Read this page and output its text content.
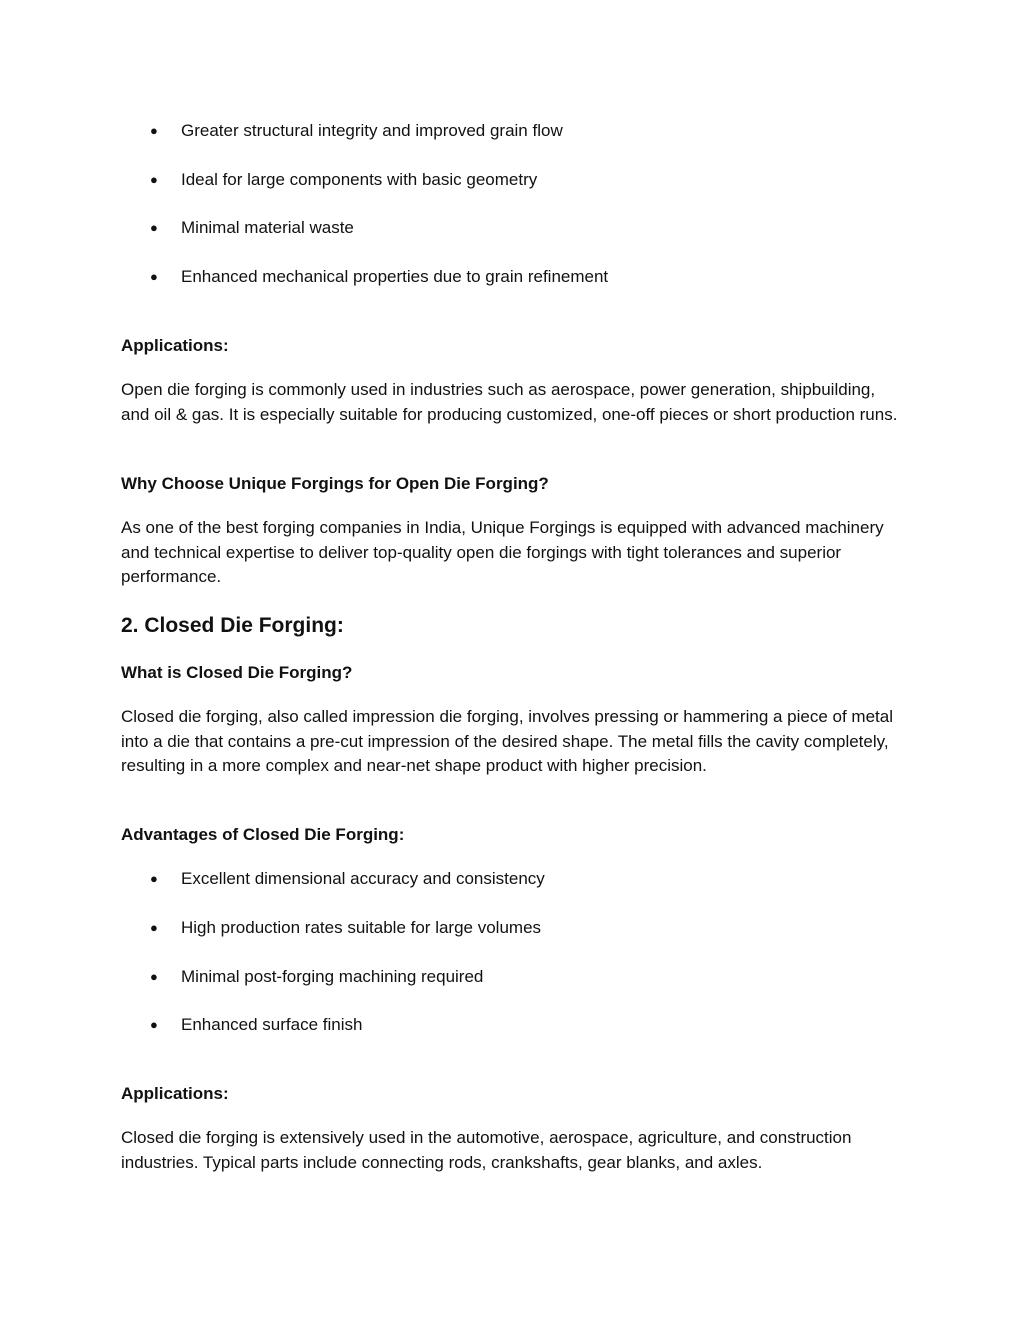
● Greater structural integrity and improved grain flow
● Ideal for large components with basic geometry
● Minimal material waste
● Enhanced mechanical properties due to grain refinement
Applications:
Open die forging is commonly used in industries such as aerospace, power generation, shipbuilding, and oil & gas. It is especially suitable for producing customized, one-off pieces or short production runs.
Why Choose Unique Forgings for Open Die Forging?
As one of the best forging companies in India, Unique Forgings is equipped with advanced machinery and technical expertise to deliver top-quality open die forgings with tight tolerances and superior performance.
2. Closed Die Forging:
What is Closed Die Forging?
Closed die forging, also called impression die forging, involves pressing or hammering a piece of metal into a die that contains a pre-cut impression of the desired shape. The metal fills the cavity completely, resulting in a more complex and near-net shape product with higher precision.
Advantages of Closed Die Forging:
● Excellent dimensional accuracy and consistency
● High production rates suitable for large volumes
● Minimal post-forging machining required
● Enhanced surface finish
Applications:
Closed die forging is extensively used in the automotive, aerospace, agriculture, and construction industries. Typical parts include connecting rods, crankshafts, gear blanks, and axles.
